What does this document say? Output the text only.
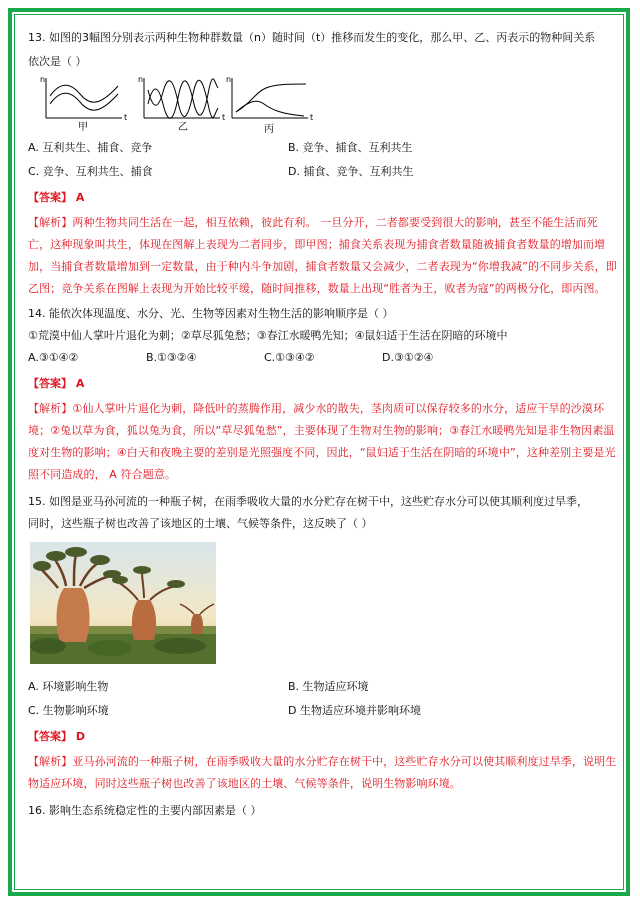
13. 如图的3幅图分别表示两种生物种群数量（n）随时间（t）推移而发生的变化，那么甲、乙、丙表示的物种间关系
依次是（ ）
n
t
甲
n
t
乙
n
t
丙
A. 互利共生、捕食、竞争	B. 竞争、捕食、互利共生
C. 竞争、互利共生、捕食	D. 捕食、竞争、互利共生
【答案】 A
【解析】两种生物共同生活在一起，相互依赖，彼此有利。 一旦分开，二者都要受到很大的影响，甚至不能生活而死亡，这种现象叫共生，体现在图解上表现为二者同步，即甲图；捕食关系表现为捕食者数量随被捕食者数量的增加而增加，当捕食者数量增加到一定数量，由于种内斗争加剧，捕食者数量又会减少，二者表现为“你增我减”的不同步关系，即乙图；竞争关系在图解上表现为开始比较平缓，随时间推移，数量上出现“胜者为王，败者为寇”的两极分化，即丙图。
14. 能依次体现温度、水分、光、生物等因素对生物生活的影响顺序是（ ）
①荒漠中仙人掌叶片退化为刺；②草尽狐兔愁；③春江水暖鸭先知；④鼠妇适于生活在阴暗的环境中
A.③①④②	B.①③②④	C.①③④②	D.③①②④
【答案】 A
【解析】①仙人掌叶片退化为刺，降低叶的蒸腾作用，减少水的散失，茎肉质可以保存较多的水分，适应干旱的沙漠环境；②兔以草为食，狐以兔为食，所以“草尽狐兔愁”，主要体现了生物对生物的影响；③春江水暖鸭先知是非生物因素温度对生物的影响；④白天和夜晚主要的差别是光照强度不同，因此，“鼠妇适于生活在阴暗的环境中”，这种差别主要是光照不同造成的， A 符合题意。
15. 如图是亚马孙河流的一种瓶子树，在雨季吸收大量的水分贮存在树干中，这些贮存水分可以使其顺利度过旱季，
同时，这些瓶子树也改善了该地区的土壤、气候等条件，这反映了（ ）
A. 环境影响生物	B. 生物适应环境
C. 生物影响环境	D 生物适应环境并影响环境
【答案】 D
【解析】亚马孙河流的一种瓶子树，在雨季吸收大量的水分贮存在树干中，这些贮存水分可以使其顺利度过旱季，说明生物适应环境，同时这些瓶子树也改善了该地区的土壤、气候等条件，说明生物影响环境。
16. 影响生态系统稳定性的主要内部因素是（ ）
